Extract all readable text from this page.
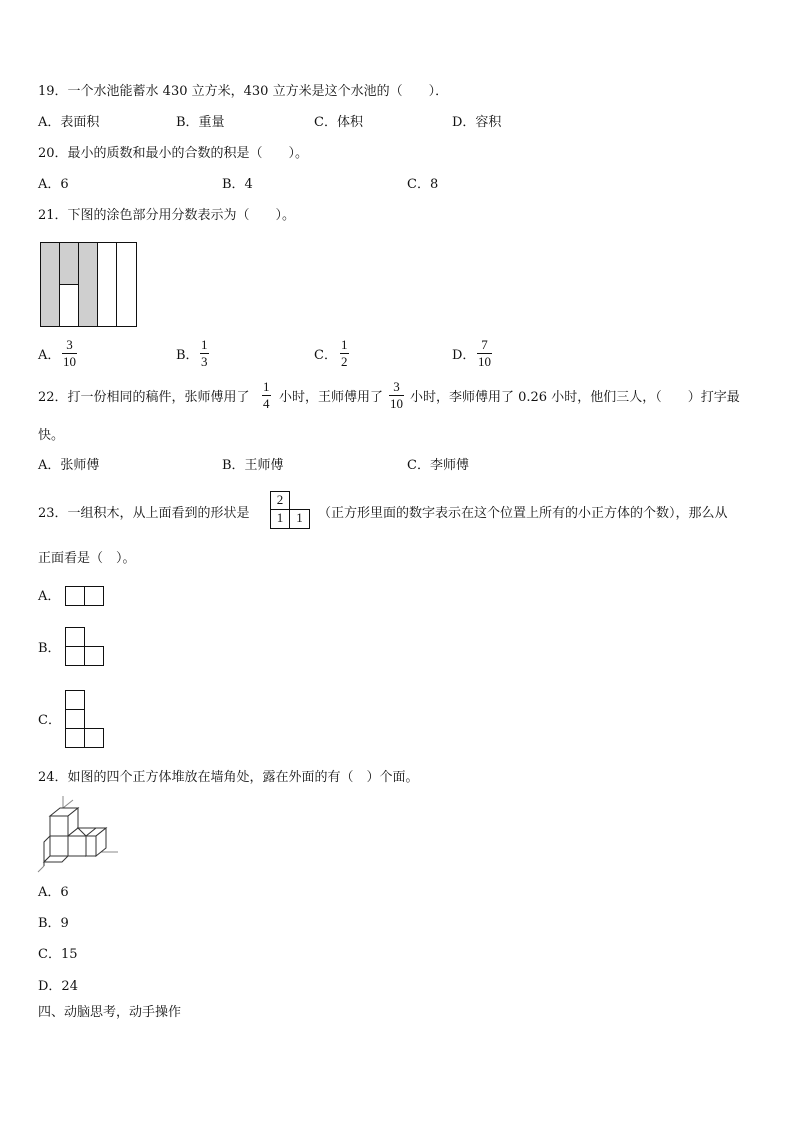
19．一个水池能蓄水 430 立方米，430 立方米是这个水池的（　　）．
A．表面积	B．重量	C．体积	D．容积
20．最小的质数和最小的合数的积是（　　）。
A．6	B．4	C．8
21．下图的涂色部分用分数表示为（　　）。
A．
3
10	B．
1
3	C．
1
2	D．
7
10
22．打一份相同的稿件，张师傅用了
1
4 小时，王师傅用了
3
10 小时，李师傅用了 0.26 小时，他们三人，（　　）打字最
快。
A．张师傅	B．王师傅	C．李师傅
23．一组积木，从上面看到的形状是
2
1	1	（正方形里面的数字表示在这个位置上所有的小正方体的个数），那么从
正面看是（　）。
A．
B．
C．
24．如图的四个正方体堆放在墙角处，露在外面的有（　）个面。
A．6
B．9
C．15
D．24
四、动脑思考，动手操作
